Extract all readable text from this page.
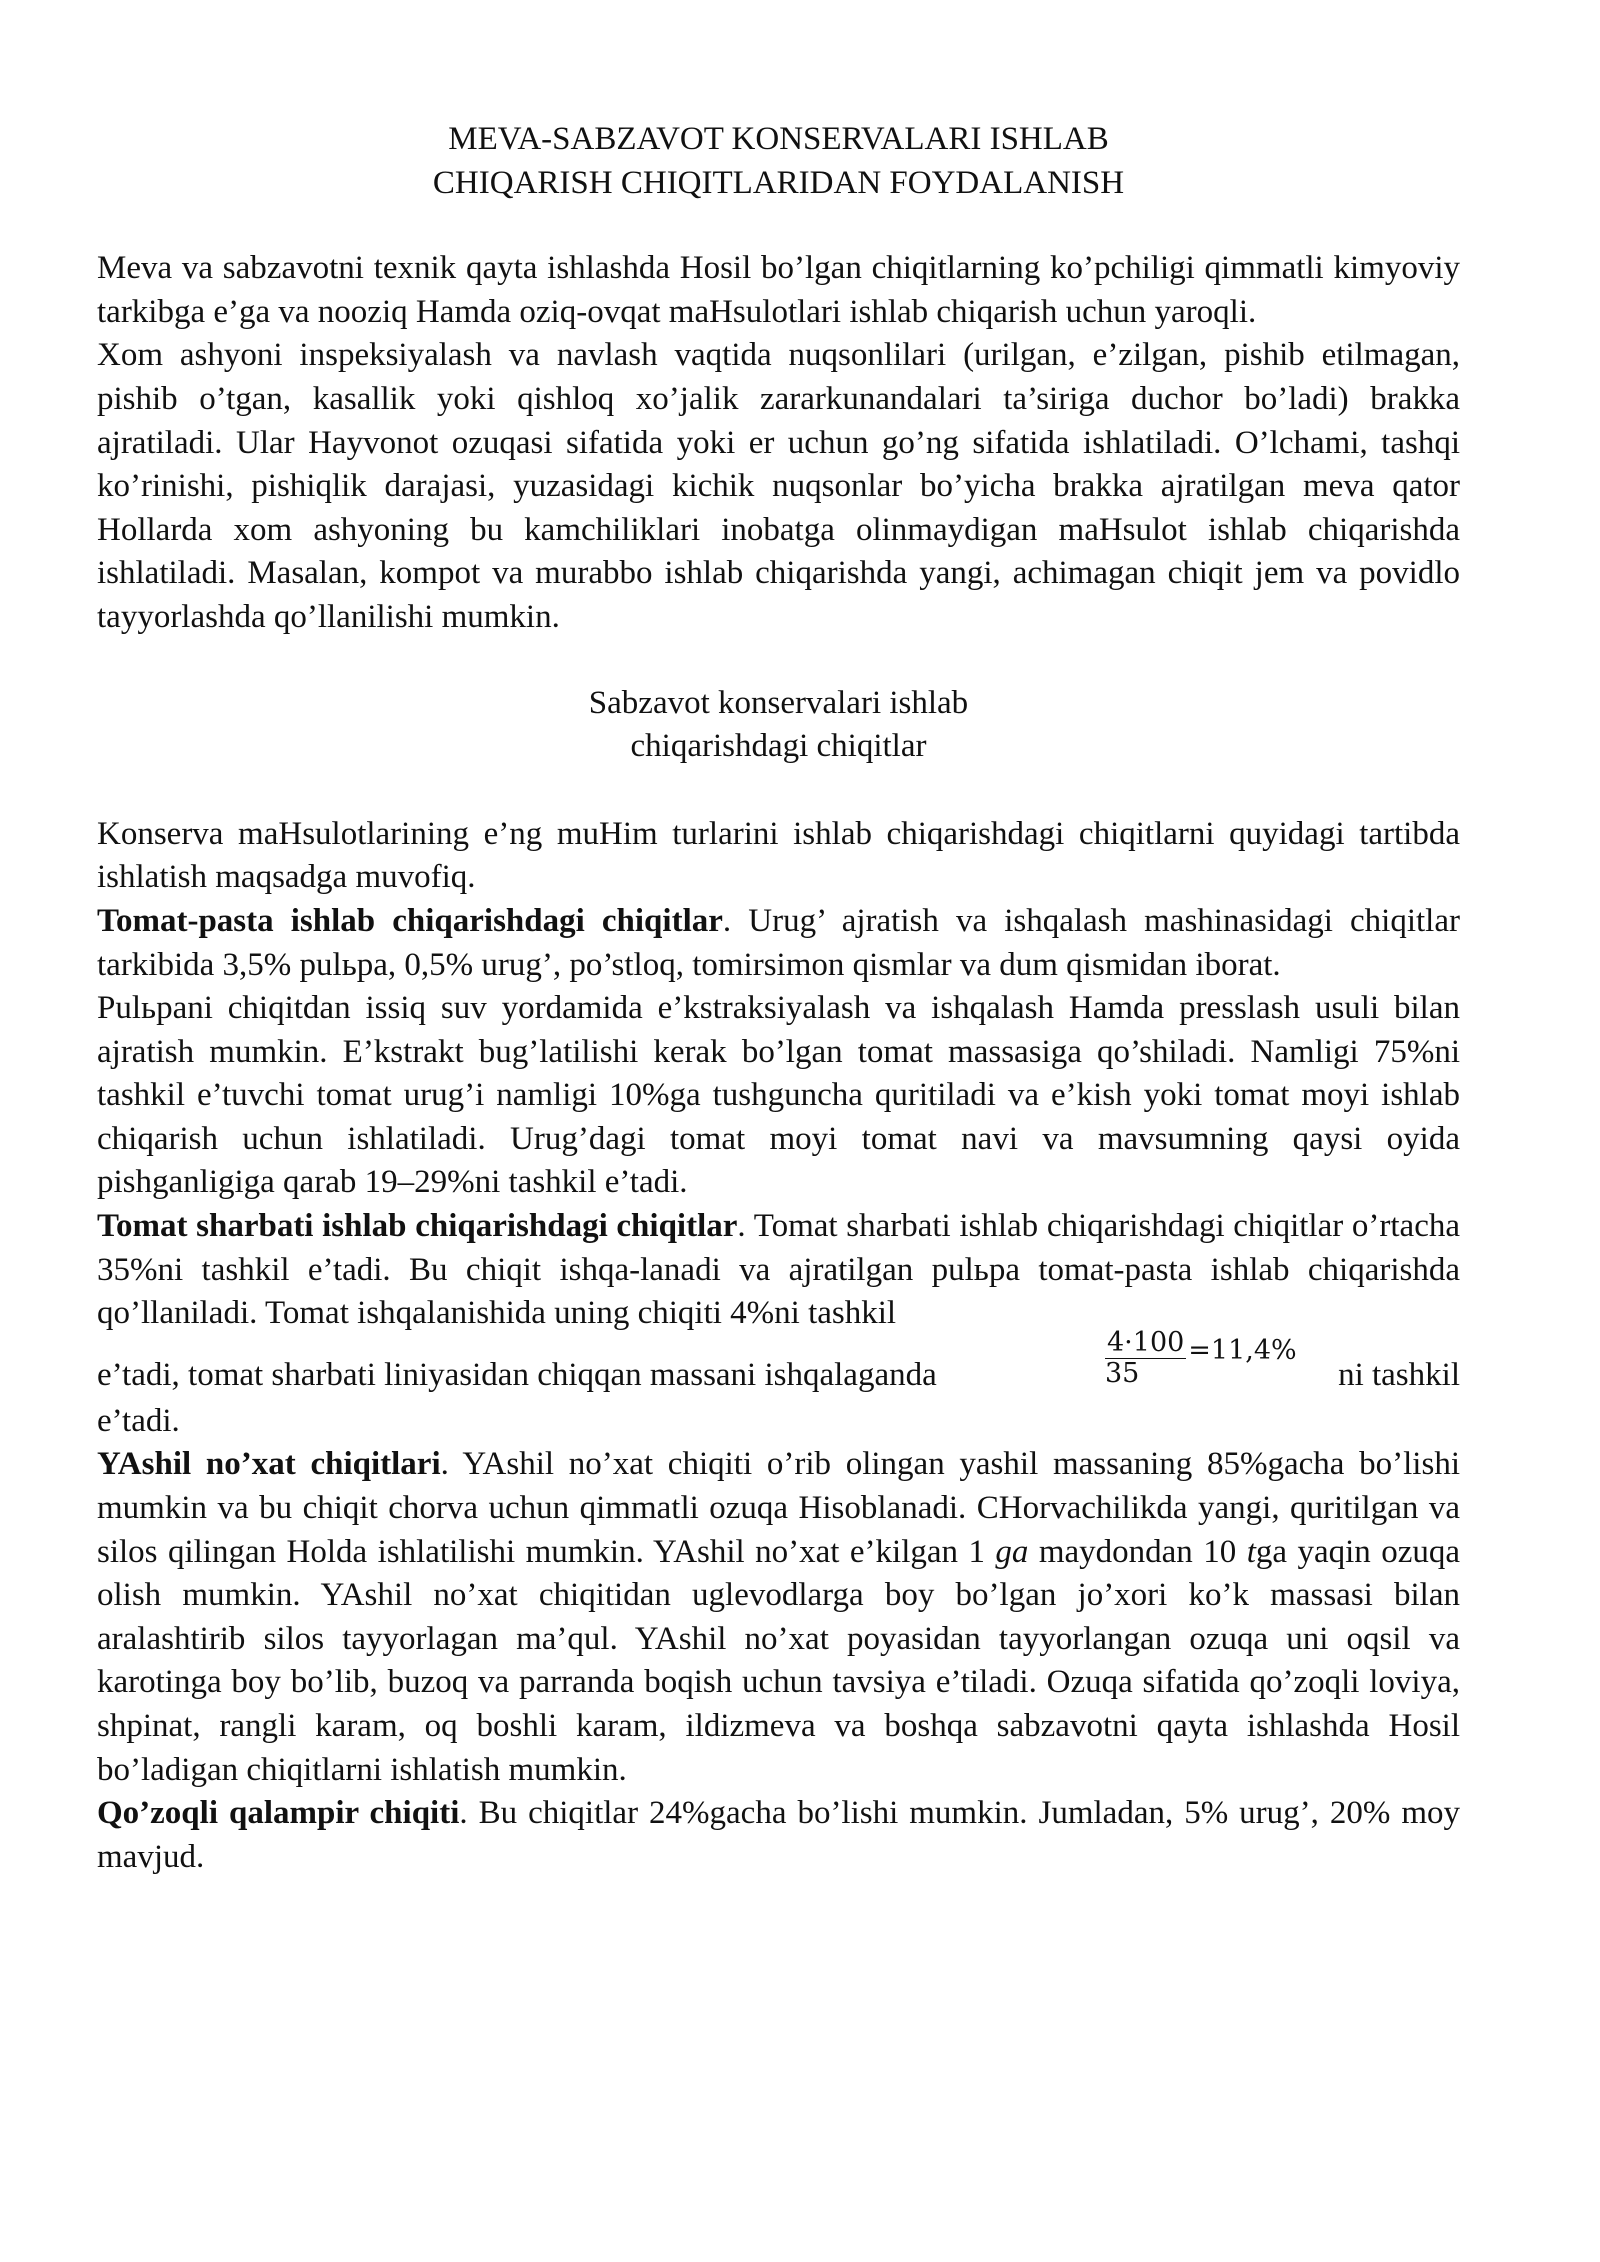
MEVA-SABZAVOT KONSERVALARI ISHLAB
CHIQARISH CHIQITLARIDAN FOYDALANISH

Meva va sabzavotni texnik qayta ishlashda Hosil bo’lgan chiqitlarning ko’pchiligi qimmatli kimyoviy tarkibga e’ga va nooziq Hamda oziq-ovqat maHsulotlari ishlab chiqarish uchun yaroqli.

Xom ashyoni inspeksiyalash va navlash vaqtida nuqsonlilari (urilgan, e’zilgan, pishib etilmagan, pishib o’tgan, kasallik yoki qishloq xo’jalik zararkunandalari ta’siriga duchor bo’ladi) brakka ajratiladi. Ular Hayvonot ozuqasi sifatida yoki er uchun go’ng sifatida ishlatiladi. O’lchami, tashqi ko’rinishi, pishiqlik darajasi, yuzasidagi kichik nuqsonlar bo’yicha brakka ajratilgan meva qator Hollarda xom ashyoning bu kamchiliklari inobatga olinmaydigan maHsulot ishlab chiqarishda ishlatiladi. Masalan, kompot va murabbo ishlab chiqarishda yangi, achimagan chiqit jem va povidlo tayyorlashda qo’llanilishi mumkin.

Sabzavot konservalari ishlab
chiqarishdagi chiqitlar

Konserva maHsulotlarining e’ng muHim turlarini ishlab chiqarishdagi chiqitlarni quyidagi tartibda ishlatish maqsadga muvofiq.

Tomat-pasta ishlab chiqarishdagi chiqitlar. Urug’ ajratish va ishqalash mashinasidagi chiqitlar tarkibida 3,5% pulьpa, 0,5% urug’, po’stloq, tomirsimon qismlar va dum qismidan iborat.

Pulьpani chiqitdan issiq suv yordamida e’kstraksiyalash va ishqalash Hamda presslash usuli bilan ajratish mumkin. E’kstrakt bug’latilishi kerak bo’lgan tomat massasiga qo’shiladi. Namligi 75%ni tashkil e’tuvchi tomat urug’i namligi 10%ga tushguncha quritiladi va e’kish yoki tomat moyi ishlab chiqarish uchun ishlatiladi. Urug’dagi tomat moyi tomat navi va mavsumning qaysi oyida pishganligiga qarab 19–29%ni tashkil e’tadi.

Tomat sharbati ishlab chiqarishdagi chiqitlar. Tomat sharbati ishlab chiqarishdagi chiqitlar o’rtacha 35%ni tashkil e’tadi. Bu chiqit ishqa-lanadi va ajratilgan pulьpa tomat-pasta ishlab chiqarishda qo’llaniladi. Tomat ishqalanishida uning chiqiti 4%ni tashkil

e’tadi, tomat sharbati liniyasidan chiqqan massani ishqalaganda	$\frac{4\cdot 100}{35} =11,4\%$
ni tashkil

e’tadi.

YAshil no’xat chiqitlari. YAshil no’xat chiqiti o’rib olingan yashil massaning 85%gacha bo’lishi mumkin va bu chiqit chorva uchun qimmatli ozuqa Hisoblanadi. CHorvachilikda yangi, quritilgan va silos qilingan Holda ishlatilishi mumkin. YAshil no’xat e’kilgan 1 ga maydondan 10 tga yaqin ozuqa olish mumkin. YAshil no’xat chiqitidan uglevodlarga boy bo’lgan jo’xori ko’k massasi bilan aralashtirib silos tayyorlagan ma’qul. YAshil no’xat poyasidan tayyorlangan ozuqa uni oqsil va karotinga boy bo’lib, buzoq va parranda boqish uchun tavsiya e’tiladi. Ozuqa sifatida qo’zoqli loviya, shpinat, rangli karam, oq boshli karam, ildizmeva va boshqa sabzavotni qayta ishlashda Hosil bo’ladigan chiqitlarni ishlatish mumkin.

Qo’zoqli qalampir chiqiti. Bu chiqitlar 24%gacha bo’lishi mumkin. Jumladan, 5% urug’, 20% moy mavjud.
